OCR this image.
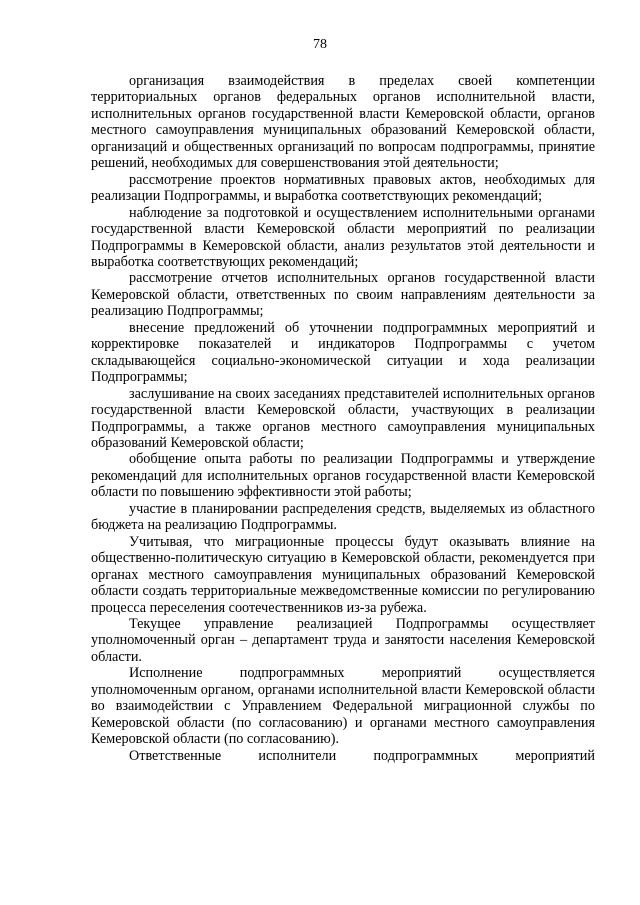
78

организация взаимодействия в пределах своей компетенции территориальных органов федеральных органов исполнительной власти, исполнительных органов государственной власти Кемеровской области, органов местного самоуправления муниципальных образований Кемеровской области, организаций и общественных организаций по вопросам подпрограммы, принятие решений, необходимых для совершенствования этой деятельности;

рассмотрение проектов нормативных правовых актов, необходимых для реализации Подпрограммы, и выработка соответствующих рекомендаций;

наблюдение за подготовкой и осуществлением исполнительными органами государственной власти Кемеровской области мероприятий по реализации Подпрограммы в Кемеровской области, анализ результатов этой деятельности и выработка соответствующих рекомендаций;

рассмотрение отчетов исполнительных органов государственной власти Кемеровской области, ответственных по своим направлениям деятельности за реализацию Подпрограммы;

внесение предложений об уточнении подпрограммных мероприятий и корректировке показателей и индикаторов Подпрограммы с учетом складывающейся социально-экономической ситуации и хода реализации Подпрограммы;

заслушивание на своих заседаниях представителей исполнительных органов государственной власти Кемеровской области, участвующих в реализации Подпрограммы, а также органов местного самоуправления муниципальных образований Кемеровской области;

обобщение опыта работы по реализации Подпрограммы и утверждение рекомендаций для исполнительных органов государственной власти Кемеровской области по повышению эффективности этой работы;

участие в планировании распределения средств, выделяемых из областного бюджета на реализацию Подпрограммы.

Учитывая, что миграционные процессы будут оказывать влияние на общественно-политическую ситуацию в Кемеровской области, рекомендуется при органах местного самоуправления муниципальных образований Кемеровской области создать территориальные межведомственные комиссии по регулированию процесса переселения соотечественников из-за рубежа.

Текущее управление реализацией Подпрограммы осуществляет уполномоченный орган – департамент труда и занятости населения Кемеровской области.

Исполнение подпрограммных мероприятий осуществляется уполномоченным органом, органами исполнительной власти Кемеровской области во взаимодействии с Управлением Федеральной миграционной службы по Кемеровской области (по согласованию) и органами местного самоуправления Кемеровской области (по согласованию).

Ответственные исполнители подпрограммных мероприятий
